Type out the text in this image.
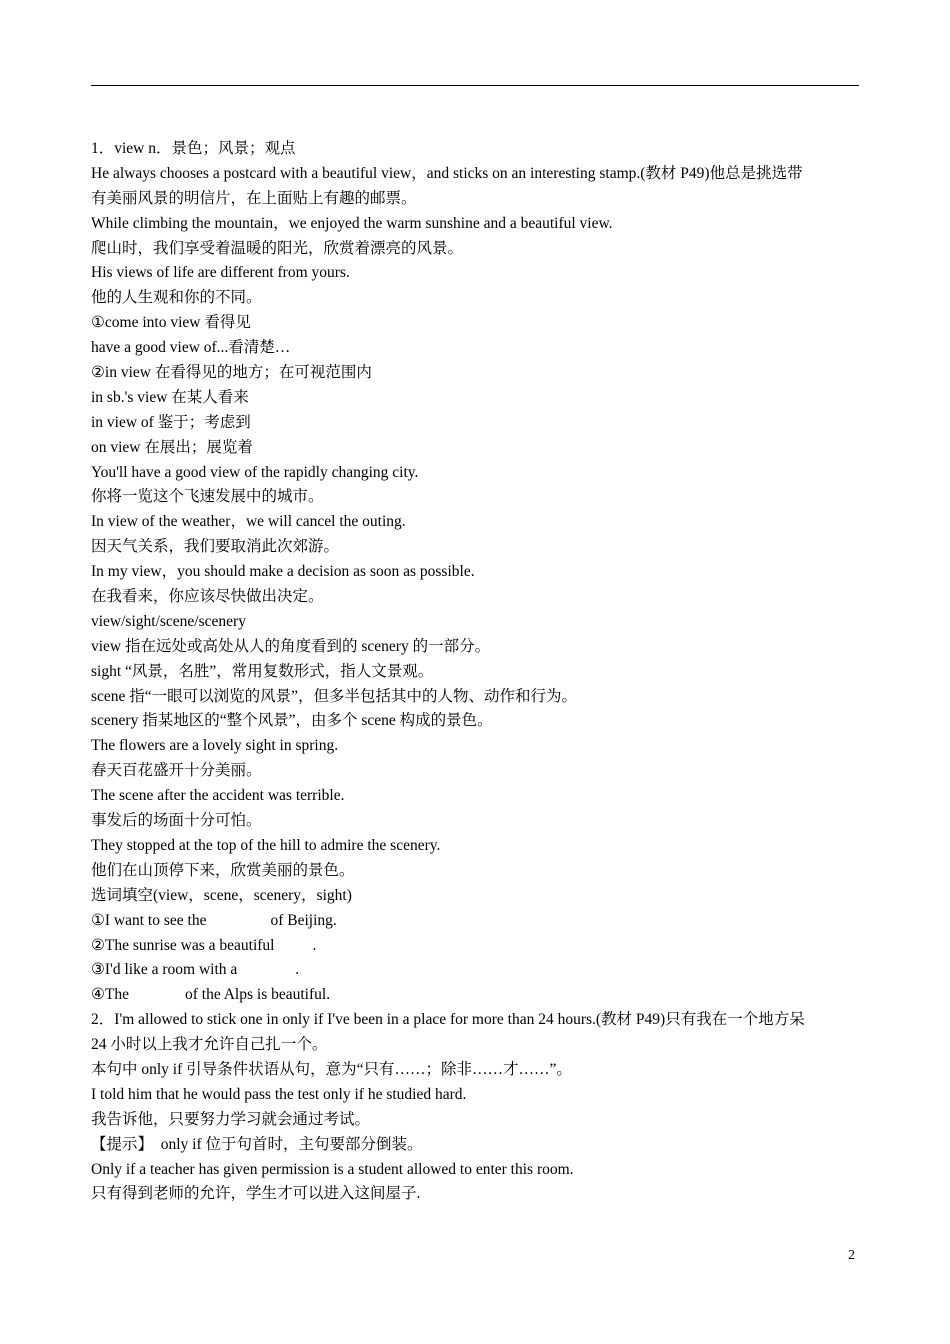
1．view n．景色；风景；观点
He always chooses a postcard with a beautiful view，and sticks on an interesting stamp.(教材 P49)他总是挑选带
有美丽风景的明信片，在上面贴上有趣的邮票。
While climbing the mountain，we enjoyed the warm sunshine and a beautiful view.
爬山时，我们享受着温暖的阳光，欣赏着漂亮的风景。
His views of life are different from yours.
他的人生观和你的不同。
①come into view 看得见
have a good view of...看清楚…
②in view 在看得见的地方；在可视范围内
in sb.'s view 在某人看来
in view of 鉴于；考虑到
on view 在展出；展览着
You'll have a good view of the rapidly changing city.
你将一览这个飞速发展中的城市。
In view of the weather，we will cancel the outing.
因天气关系，我们要取消此次郊游。
In my view，you should make a decision as soon as possible.
在我看来，你应该尽快做出决定。
view/sight/scene/scenery
view 指在远处或高处从人的角度看到的 scenery 的一部分。
sight “风景，名胜”，常用复数形式，指人文景观。
scene 指“一眼可以浏览的风景”，但多半包括其中的人物、动作和行为。
scenery 指某地区的“整个风景”，由多个 scene 构成的景色。
The flowers are a lovely sight in spring.
春天百花盛开十分美丽。
The scene after the accident was terrible.
事发后的场面十分可怕。
They stopped at the top of the hill to admire the scenery.
他们在山顶停下来，欣赏美丽的景色。
选词填空(view，scene，scenery，sight)
①I want to see the	of Beijing.
②The sunrise was a beautiful .
③I'd like a room with a	.
④The	of the Alps is beautiful.
2．I'm allowed to stick one in only if I've been in a place for more than 24 hours.(教材 P49)只有我在一个地方呆
24 小时以上我才允许自己扎一个。
本句中 only if 引导条件状语从句，意为“只有……；除非……才……”。
I told him that he would pass the test only if he studied hard.
我告诉他，只要努力学习就会通过考试。
【提示】　only if 位于句首时，主句要部分倒装。
Only if a teacher has given permission is a student allowed to enter this room.
只有得到老师的允许，学生才可以进入这间屋子.
2
